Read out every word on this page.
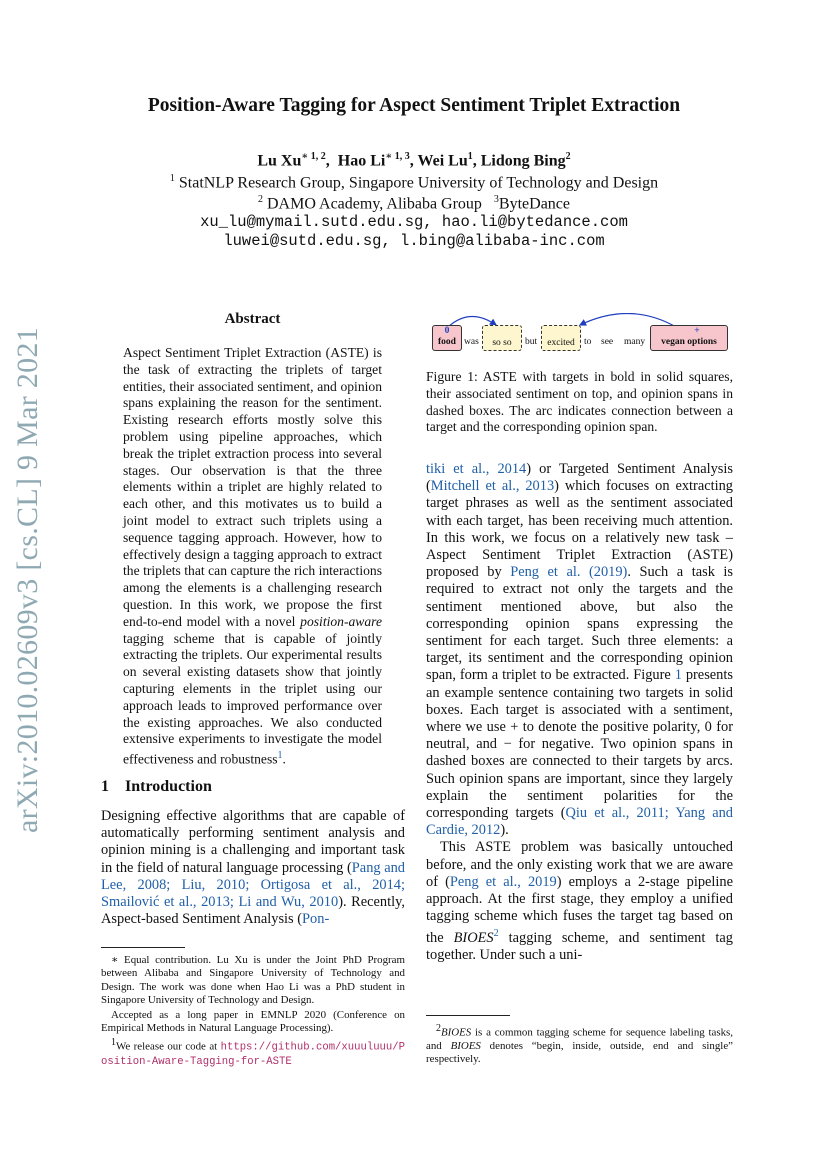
arXiv:2010.02609v3 [cs.CL] 9 Mar 2021
Position-Aware Tagging for Aspect Sentiment Triplet Extraction
Lu $Xu^{∗ 1, 2}$,  Hao $Li^{∗ 1, 3}$, Wei Lu$^1$, Lidong Bing$^2$
$^1$ StatNLP Research Group, Singapore University of Technology and Design
$^2$ DAMO Academy, Alibaba Group $^3$ByteDance
xu_lu@mymail.sutd.edu.sg, hao.li@bytedance.com
luwei@sutd.edu.sg, l.bing@alibaba-inc.com
Abstract
Aspect Sentiment Triplet Extraction (ASTE) is the task of extracting the triplets of target entities, their associated sentiment, and opinion spans explaining the reason for the sentiment. Existing research efforts mostly solve this problem using pipeline approaches, which break the triplet extraction process into several stages. Our observation is that the three elements within a triplet are highly related to each other, and this motivates us to build a joint model to extract such triplets using a sequence tagging approach. However, how to effectively design a tagging approach to extract the triplets that can capture the rich interactions among the elements is a challenging research question. In this work, we propose the first end-to-end model with a novel position-aware tagging scheme that is capable of jointly extracting the triplets. Our experimental results on several existing datasets show that jointly capturing elements in the triplet using our approach leads to improved performance over the existing approaches. We also conducted extensive experiments to investigate the model effectiveness and robustness$^1$.
1 Introduction
Designing effective algorithms that are capable of automatically performing sentiment analysis and opinion mining is a challenging and important task in the field of natural language processing (Pang and Lee, 2008; Liu, 2010; Ortigosa et al., 2014; Smailović et al., 2013; Li and Wu, 2010). Recently, Aspect-based Sentiment Analysis (Pon-
∗ Equal contribution. Lu Xu is under the Joint PhD Program between Alibaba and Singapore University of Technology and Design. The work was done when Hao Li was a PhD student in Singapore University of Technology and Design.
Accepted as a long paper in EMNLP 2020 (Conference on Empirical Methods in Natural Language Processing).
$^1$We release our code at https://github.com/xuuuluuu/Position-Aware-Tagging-for-ASTE
0
food was	so so	but	excited to see many
+
vegan options
Figure 1: ASTE with targets in bold in solid squares, their associated sentiment on top, and opinion spans in dashed boxes. The arc indicates connection between a target and the corresponding opinion span.

tiki et al., 2014) or Targeted Sentiment Analysis (Mitchell et al., 2013) which focuses on extracting target phrases as well as the sentiment associated with each target, has been receiving much attention. In this work, we focus on a relatively new task – Aspect Sentiment Triplet Extraction (ASTE) proposed by Peng et al. (2019). Such a task is required to extract not only the targets and the sentiment mentioned above, but also the corresponding opinion spans expressing the sentiment for each target. Such three elements: a target, its sentiment and the corresponding opinion span, form a triplet to be extracted. Figure 1 presents an example sentence containing two targets in solid boxes. Each target is associated with a sentiment, where we use + to denote the positive polarity, 0 for neutral, and − for negative. Two opinion spans in dashed boxes are connected to their targets by arcs. Such opinion spans are important, since they largely explain the sentiment polarities for the corresponding targets (Qiu et al., 2011; Yang and Cardie, 2012).

This ASTE problem was basically untouched before, and the only existing work that we are aware of (Peng et al., 2019) employs a 2-stage pipeline approach. At the first stage, they employ a unified tagging scheme which fuses the target tag based on the BIOES$^2$ tagging scheme, and sentiment tag together. Under such a uni-

$^2$BIOES is a common tagging scheme for sequence labeling tasks, and BIOES denotes “begin, inside, outside, end and single” respectively.
